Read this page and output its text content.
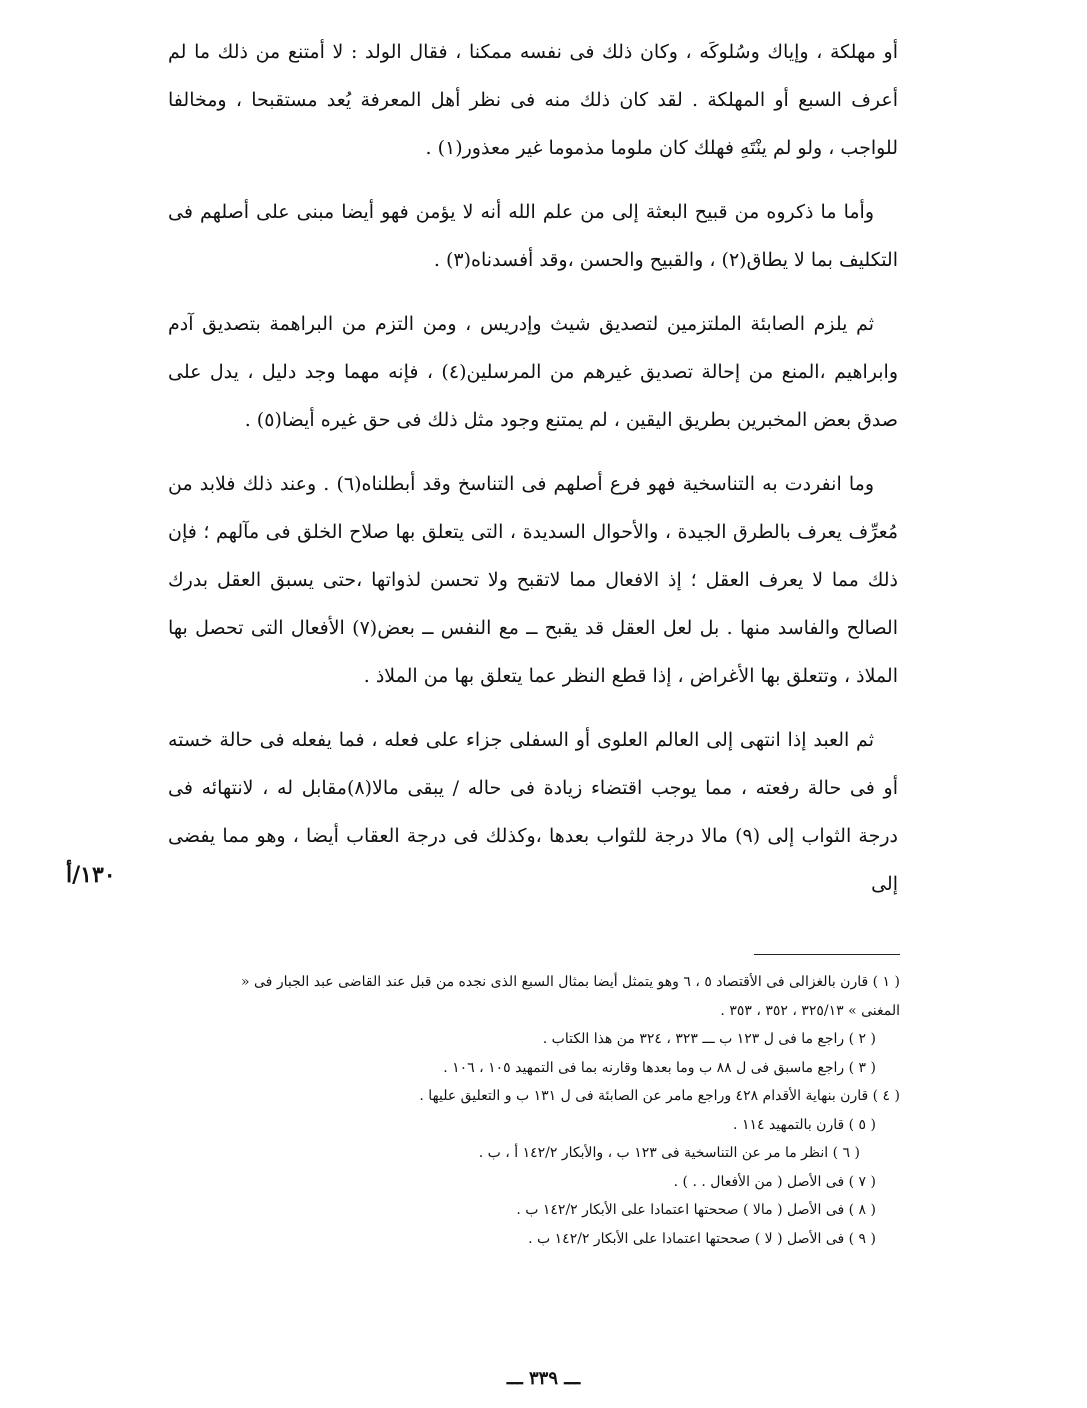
أو مهلكة ، وإياك وسُلوكَه ، وكان ذلك فى نفسه ممكنا ، فقال الولد : لا أمتنع من ذلك ما لم أعرف السبع أو المهلكة . لقد كان ذلك منه فى نظر أهل المعرفة يُعد مستقبحا ، ومخالفا للواجب ، ولو لم ينْتَهِ فهلك كان ملوما مذموما غير معذور(١) .

وأما ما ذكروه من قبيح البعثة إلى من علم الله أنه لا يؤمن فهو أيضا مبنى على أصلهم فى التكليف بما لا يطاق(٢) ، والقبيح والحسن ،وقد أفسدناه(٣) .

ثم يلزم الصابئة الملتزمين لتصديق شيث وإدريس ، ومن التزم من البراهمة بتصديق آدم وابراهيم ،المنع من إحالة تصديق غيرهم من المرسلين(٤) ، فإنه مهما وجد دليل ، يدل على صدق بعض المخبرين بطريق اليقين ، لم يمتنع وجود مثل ذلك فى حق غيره أيضا(٥) .

وما انفردت به التناسخية فهو فرع أصلهم فى التناسخ وقد أبطلناه(٦) . وعند ذلك فلابد من مُعرِّف يعرف بالطرق الجيدة ، والأحوال السديدة ، التى يتعلق بها صلاح الخلق فى مآلهم ؛ فإن ذلك مما لا يعرف العقل ؛ إذ الافعال مما لاتقبح ولا تحسن لذواتها ،حتى يسبق العقل بدرك الصالح والفاسد منها . بل لعل العقل قد يقبح ــ مع النفس ــ بعض(٧) الأفعال التى تحصل بها الملاذ ، وتتعلق بها الأغراض ، إذا قطع النظر عما يتعلق بها من الملاذ .

ثم العبد إذا انتهى إلى العالم العلوى أو السفلى جزاء على فعله ، فما يفعله فى حالة خسته أو فى حالة رفعته ، مما يوجب اقتضاء زيادة فى حاله / يبقى مالا(٨)مقابل له ، لانتهائه فى درجة الثواب إلى (٩) مالا درجة للثواب بعدها ،وكذلك فى درجة العقاب أيضا ، وهو مما يفضى إلى

١٣٠/أ

( ١ ) قارن بالغزالى فى الأقتصاد ٥ ، ٦ وهو يتمثل أيضا بمثال السبع الذى نجده من قبل عند القاضى عبد الجبار فى « المغنى » ٣٢٥/١٣ ، ٣٥٢ ، ٣٥٣ .

( ٢ ) راجع ما فى ل ١٢٣ ب ـــ ٣٢٣ ، ٣٢٤ من هذا الكتاب .

( ٣ ) راجع ماسبق فى ل ٨٨ ب وما بعدها وقارنه بما فى التمهيد ١٠٥ ، ١٠٦ .

( ٤ ) قارن بنهاية الأقدام ٤٢٨ وراجع مامر عن الصابئة فى ل ١٣١ ب و التعليق عليها .

( ٥ ) قارن بالتمهيد ١١٤ .

( ٦ ) انظر ما مر عن التناسخية فى ١٢٣ ب ، والأبكار ١٤٢/٢ أ ، ب .

( ٧ ) فى الأصل ( من الأفعال . . ) .

( ٨ ) فى الأصل ( مالا ) صححتها اعتمادا على الأبكار ١٤٢/٢ ب .

( ٩ ) فى الأصل ( لا ) صححتها اعتمادا على الأبكار ١٤٢/٢ ب .

ـــ ٣٣٩ ـــ
